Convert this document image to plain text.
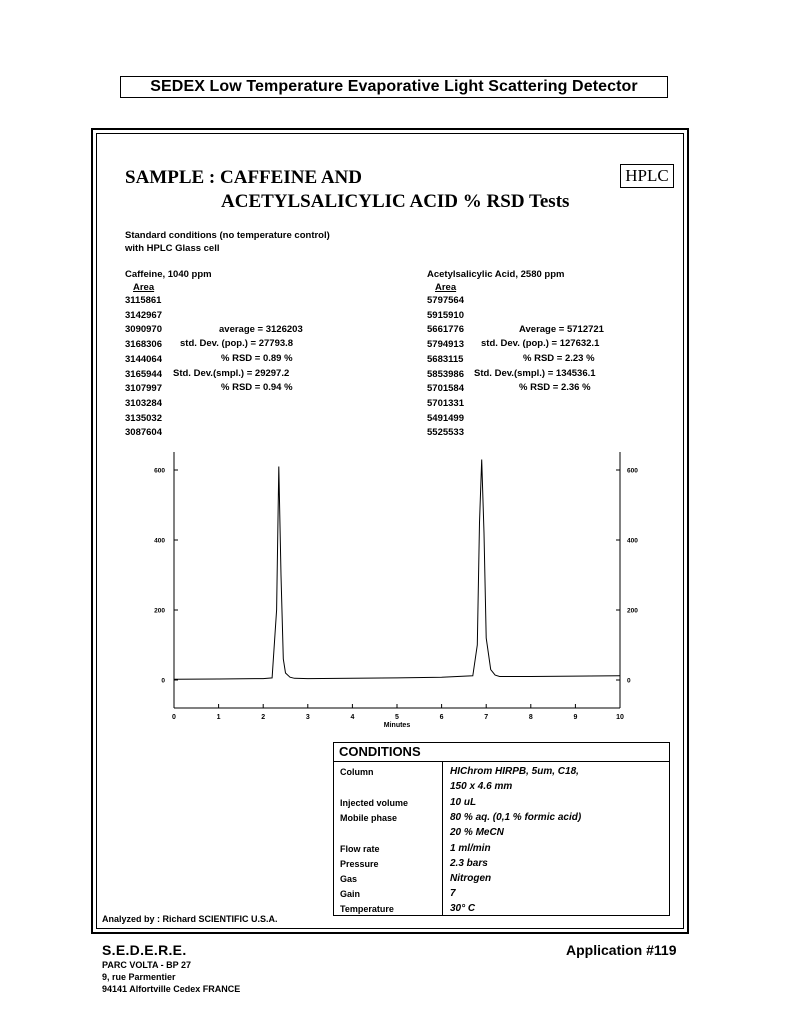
SEDEX Low Temperature Evaporative Light Scattering Detector
SAMPLE : CAFFEINE AND
ACETYLSALICYLIC ACID % RSD Tests
HPLC
Standard conditions (no temperature control)
with HPLC Glass cell
Caffeine, 1040 ppm
Area
3115861
3142967
3090970
3168306
3144064
3165944
3107997
3103284
3135032
3087604
average = 3126203
std. Dev. (pop.) = 27793.8
% RSD = 0.89 %
Std. Dev.(smpl.) = 29297.2
% RSD = 0.94 %
Acetylsalicylic Acid, 2580 ppm
Area
5797564
5915910
5661776
5794913
5683115
5853986
5701584
5701331
5491499
5525533
Average = 5712721
std. Dev. (pop.) = 127632.1
% RSD = 2.23 %
Std. Dev.(smpl.) = 134536.1
% RSD = 2.36 %
0	1	2	3	4	5	6	7	8	9	10
0	0
200	200
400	400
600	600
Minutes
CONDITIONS
Column	HIChrom HIRPB, 5um, C18,
150 x 4.6 mm
Injected volume	10 uL
Mobile phase	80 % aq. (0,1 % formic acid)
20 % MeCN
Flow rate	1 ml/min
Pressure	2.3 bars
Gas	Nitrogen
Gain	7
Temperature	30° C
Analyzed by : Richard SCIENTIFIC U.S.A.
S.E.D.E.R.E.
PARC VOLTA - BP 27
9, rue Parmentier
94141 Alfortville Cedex FRANCE
Application #119
